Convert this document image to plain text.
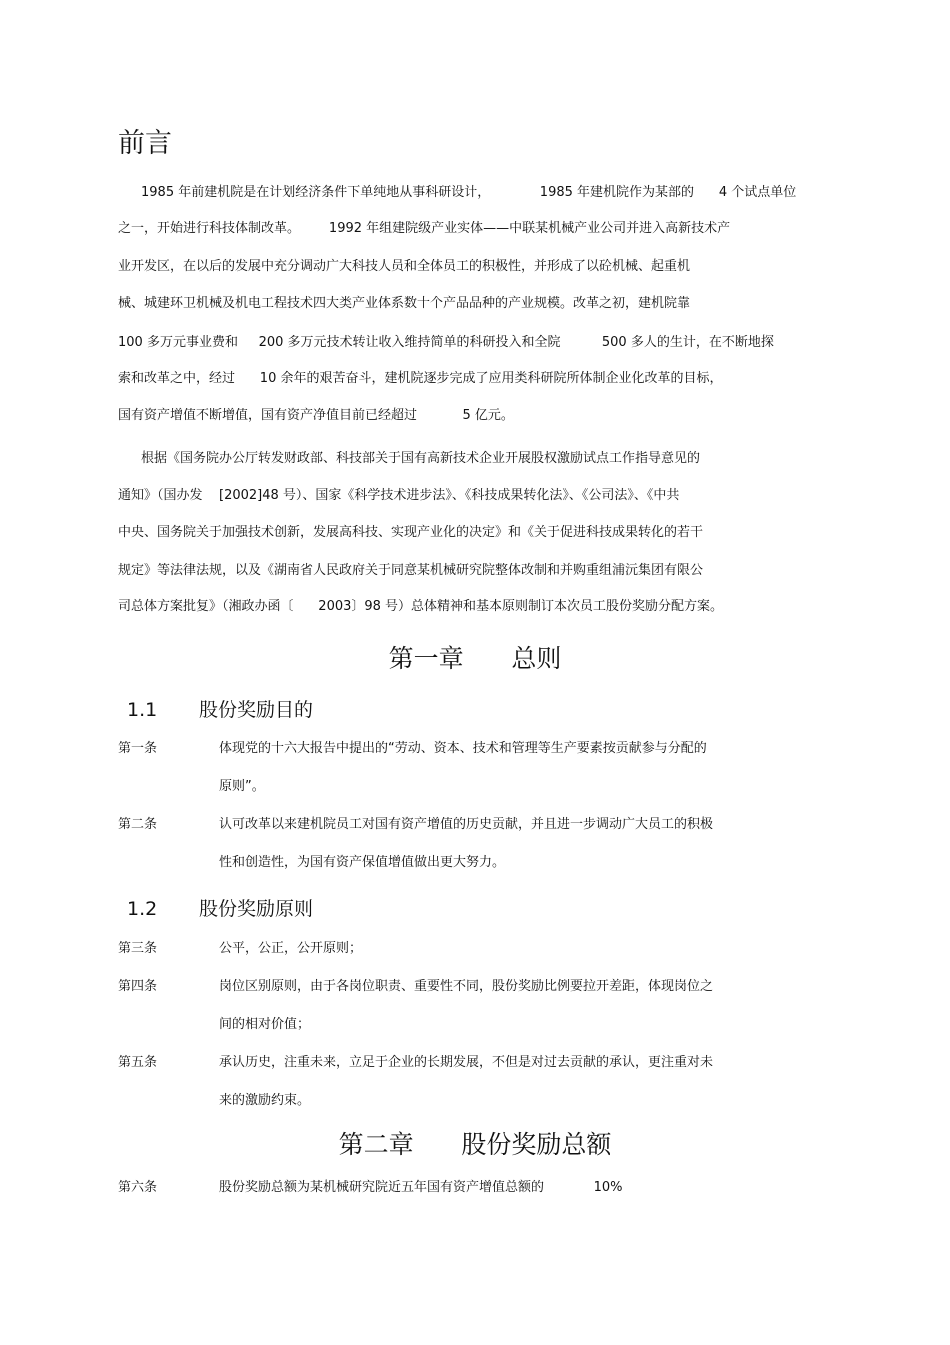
前言
1985 年前建机院是在计划经济条件下单纯地从事科研设计，            1985 年建机院作为某部的      4 个试点单位
之一，开始进行科技体制改革。       1992 年组建院级产业实体——中联某机械产业公司并进入高新技术产
业开发区，在以后的发展中充分调动广大科技人员和全体员工的积极性，并形成了以砼机械、起重机
械、城建环卫机械及机电工程技术四大类产业体系数十个产品品种的产业规模。改革之初，建机院靠
100 多万元事业费和     200 多万元技术转让收入维持简单的科研投入和全院          500 多人的生计，在不断地探
索和改革之中，经过      10 余年的艰苦奋斗，建机院逐步完成了应用类科研院所体制企业化改革的目标，
国有资产增值不断增值，国有资产净值目前已经超过           5 亿元。
根据《国务院办公厅转发财政部、科技部关于国有高新技术企业开展股权激励试点工作指导意见的
通知》（国办发    [2002]48 号）、国家《科学技术进步法》、《科技成果转化法》、《公司法》、《中共
中央、国务院关于加强技术创新，发展高科技、实现产业化的决定》和《关于促进科技成果转化的若干
规定》等法律法规，以及《湖南省人民政府关于同意某机械研究院整体改制和并购重组浦沅集团有限公
司总体方案批复》（湘政办函〔      2003〕98 号）总体精神和基本原则制订本次员工股份奖励分配方案。
第一章      总则
1.1 股份奖励目的
第一条	体现党的十六大报告中提出的“劳动、资本、技术和管理等生产要素按贡献参与分配的
原则”。
第二条	认可改革以来建机院员工对国有资产增值的历史贡献，并且进一步调动广大员工的积极
性和创造性，为国有资产保值增值做出更大努力。
1.2 股份奖励原则
第三条	公平，公正，公开原则；
第四条	岗位区别原则，由于各岗位职责、重要性不同，股份奖励比例要拉开差距，体现岗位之
间的相对价值；
第五条	承认历史，注重未来，立足于企业的长期发展，不但是对过去贡献的承认，更注重对未
来的激励约束。
第二章      股份奖励总额
第六条	股份奖励总额为某机械研究院近五年国有资产增值总额的            10%
